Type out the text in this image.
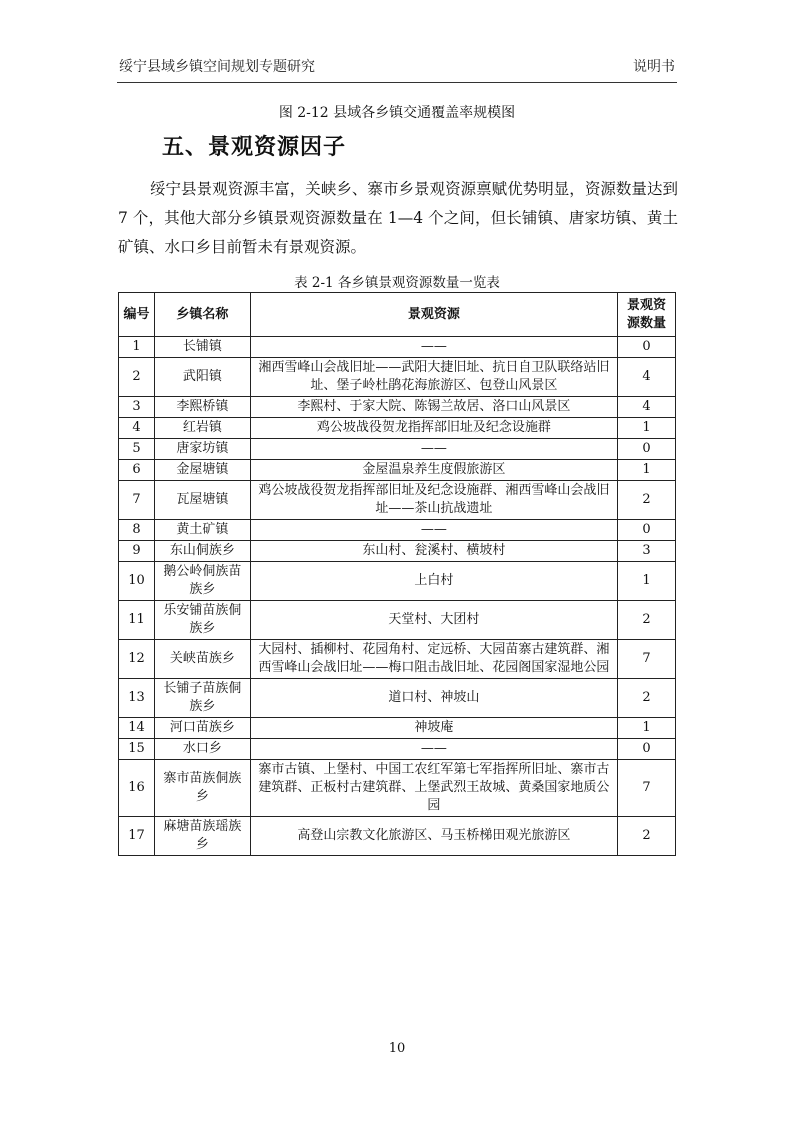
绥宁县域乡镇空间规划专题研究	说明书
图 2-12 县域各乡镇交通覆盖率规模图
五、景观资源因子

绥宁县景观资源丰富，关峡乡、寨市乡景观资源禀赋优势明显，资源数量达到 7 个，其他大部分乡镇景观资源数量在 1—4 个之间，但长铺镇、唐家坊镇、黄土矿镇、水口乡目前暂未有景观资源。

表 2-1 各乡镇景观资源数量一览表
编号	乡镇名称	景观资源	景观资源数量
1	长铺镇	——	0
2	武阳镇	湘西雪峰山会战旧址——武阳大捷旧址、抗日自卫队联络站旧址、堡子岭杜鹃花海旅游区、包登山风景区	4
3	李熙桥镇	李熙村、于家大院、陈锡兰故居、洛口山风景区	4
4	红岩镇	鸡公坡战役贺龙指挥部旧址及纪念设施群	1
5	唐家坊镇	——	0
6	金屋塘镇	金屋温泉养生度假旅游区	1
7	瓦屋塘镇	鸡公坡战役贺龙指挥部旧址及纪念设施群、湘西雪峰山会战旧址——茶山抗战遗址	2
8	黄土矿镇	——	0
9	东山侗族乡	东山村、瓮溪村、横坡村	3
10	鹅公岭侗族苗族乡	上白村	1
11	乐安铺苗族侗族乡	天堂村、大团村	2
12	关峡苗族乡	大园村、插柳村、花园角村、定远桥、大园苗寨古建筑群、湘西雪峰山会战旧址——梅口阻击战旧址、花园阁国家湿地公园	7
13	长铺子苗族侗族乡	道口村、神坡山	2
14	河口苗族乡	神坡庵	1
15	水口乡	——	0
16	寨市苗族侗族乡	寨市古镇、上堡村、中国工农红军第七军指挥所旧址、寨市古建筑群、正板村古建筑群、上堡武烈王故城、黄桑国家地质公园	7
17	麻塘苗族瑶族乡	高登山宗教文化旅游区、马玉桥梯田观光旅游区	2
10
